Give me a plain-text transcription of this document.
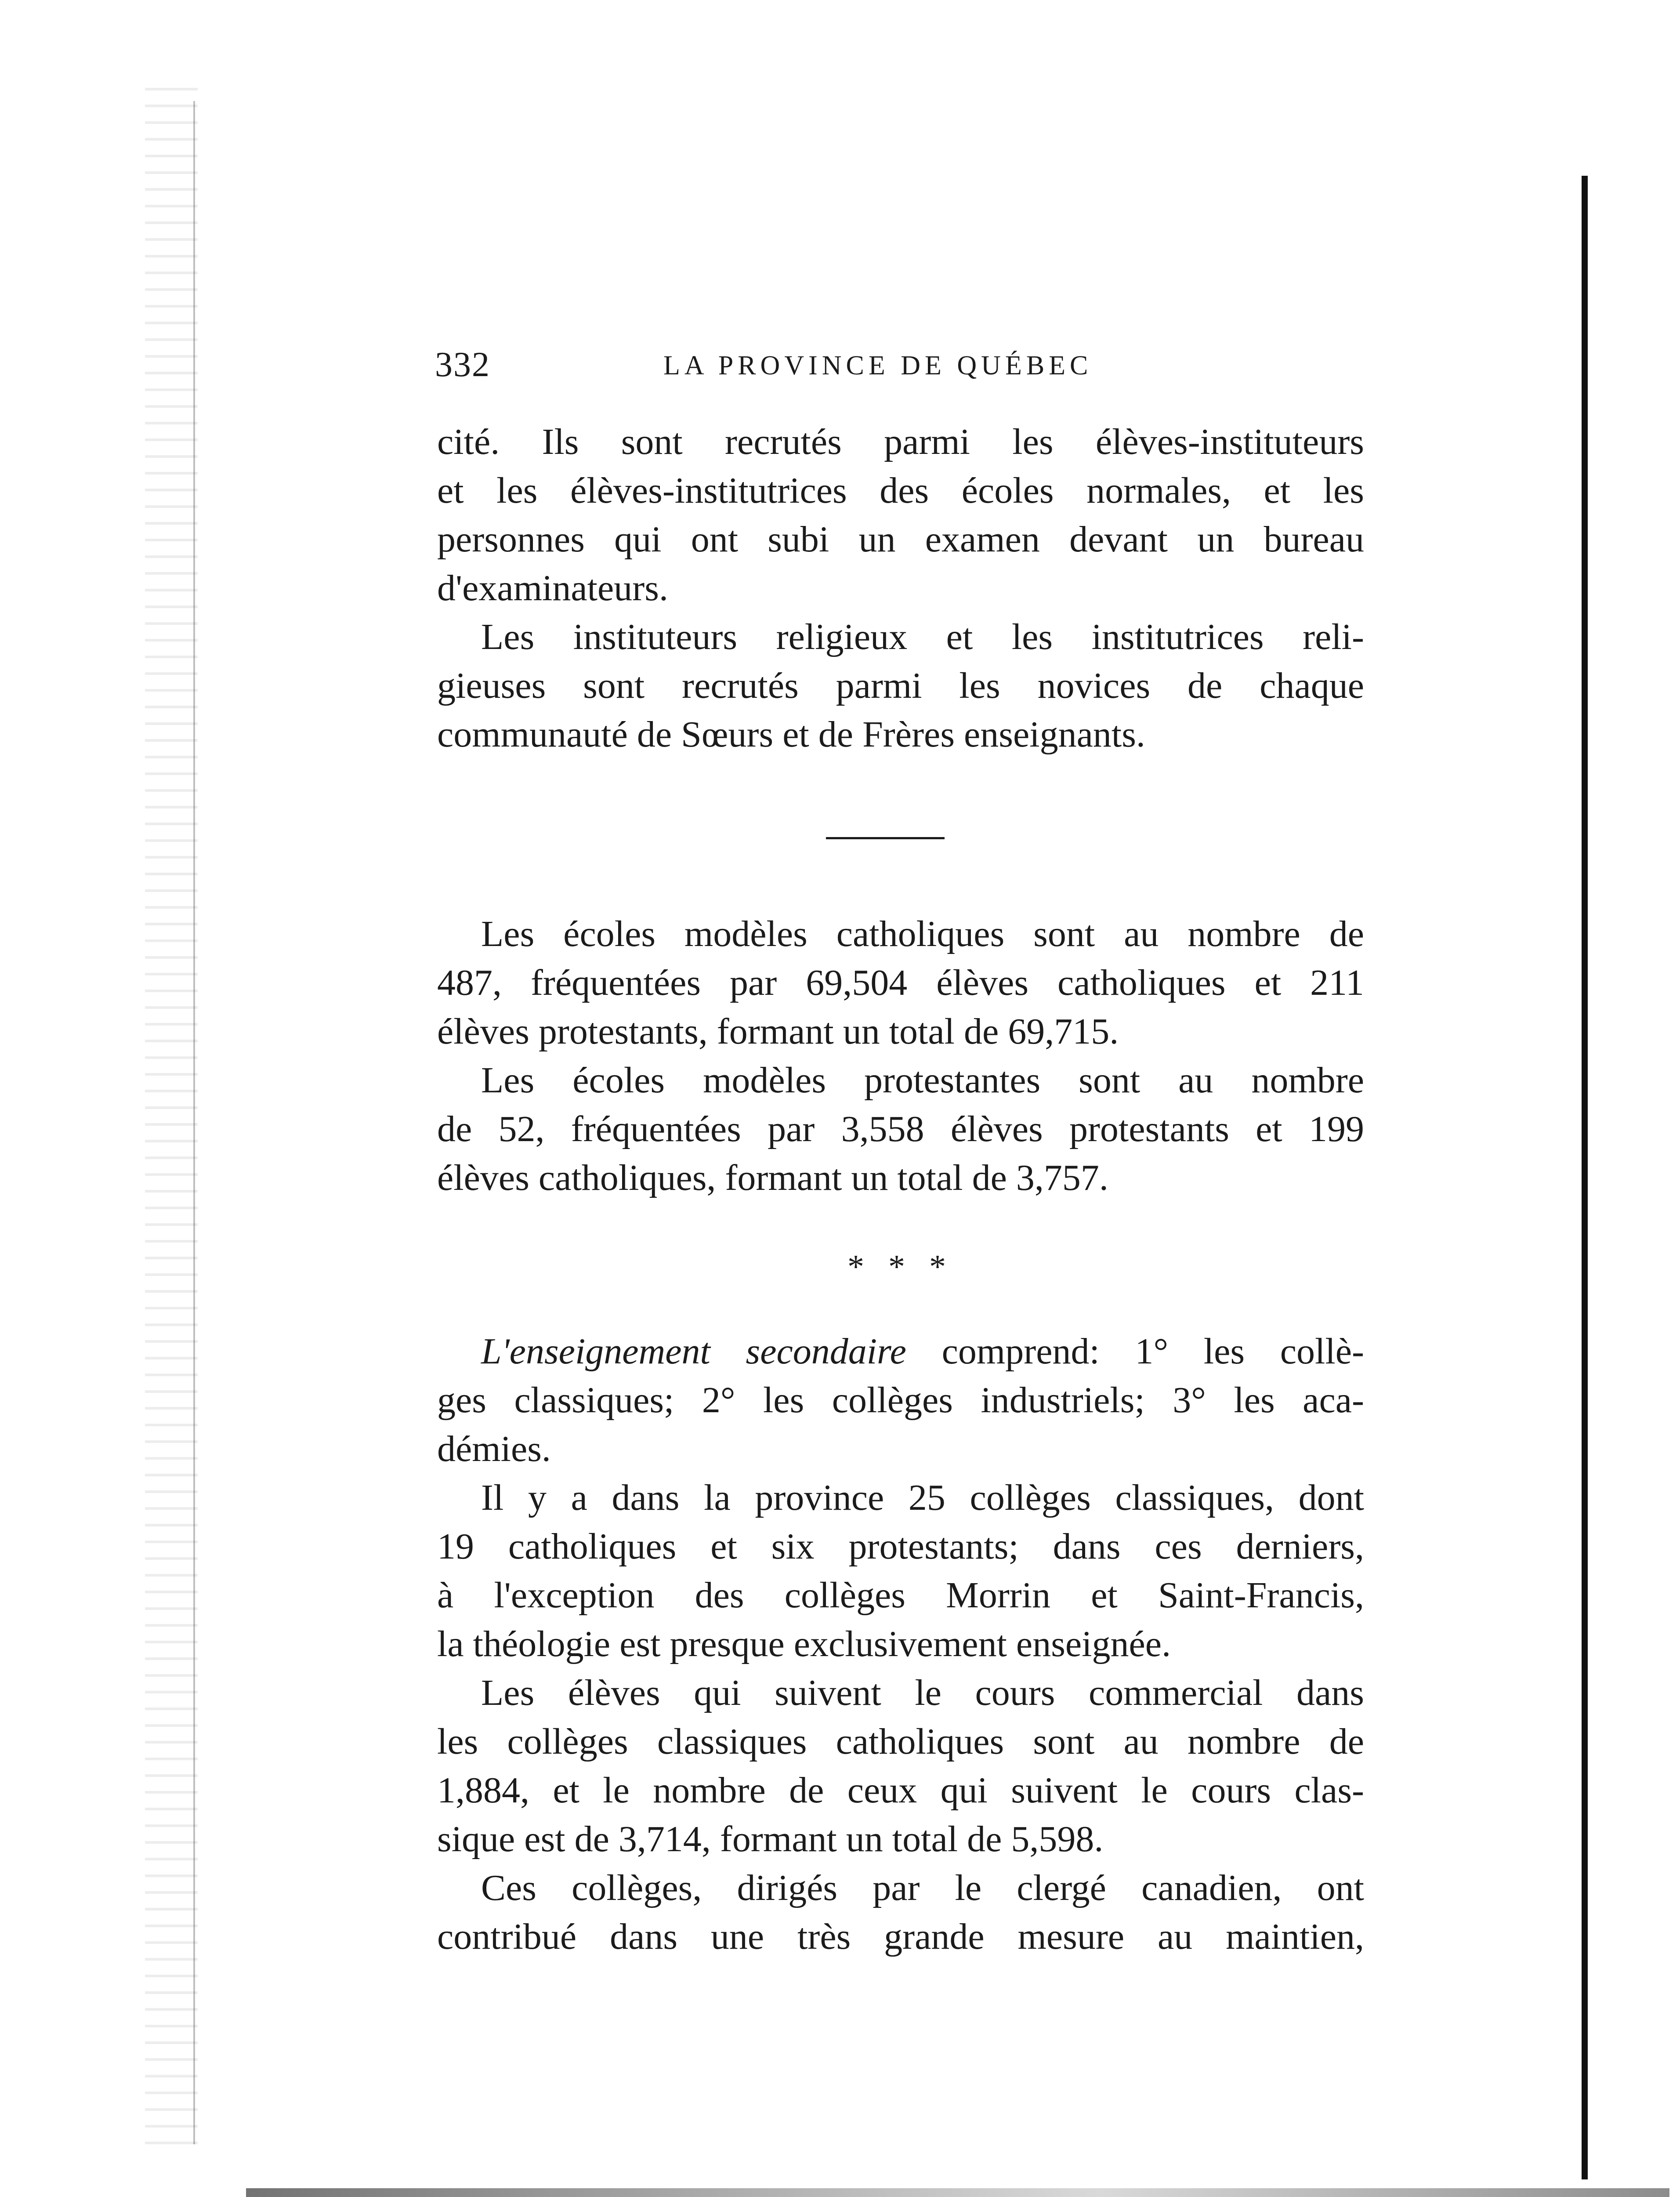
332	LA PROVINCE DE QUÉBEC
cité. Ils sont recrutés parmi les élèves-instituteurs
et les élèves-institutrices des écoles normales, et les
personnes qui ont subi un examen devant un bureau
d'examinateurs.
Les instituteurs religieux et les institutrices reli-
gieuses sont recrutés parmi les novices de chaque
communauté de Sœurs et de Frères enseignants.
Les écoles modèles catholiques sont au nombre de
487, fréquentées par 69,504 élèves catholiques et 211
élèves protestants, formant un total de 69,715.
Les écoles modèles protestantes sont au nombre
de 52, fréquentées par 3,558 élèves protestants et 199
élèves catholiques, formant un total de 3,757.
* * *
L'enseignement secondaire comprend: 1° les collè-
ges classiques; 2° les collèges industriels; 3° les aca-
démies.
Il y a dans la province 25 collèges classiques, dont
19 catholiques et six protestants; dans ces derniers,
à l'exception des collèges Morrin et Saint-Francis,
la théologie est presque exclusivement enseignée.
Les élèves qui suivent le cours commercial dans
les collèges classiques catholiques sont au nombre de
1,884, et le nombre de ceux qui suivent le cours clas-
sique est de 3,714, formant un total de 5,598.
Ces collèges, dirigés par le clergé canadien, ont
contribué dans une très grande mesure au maintien,
